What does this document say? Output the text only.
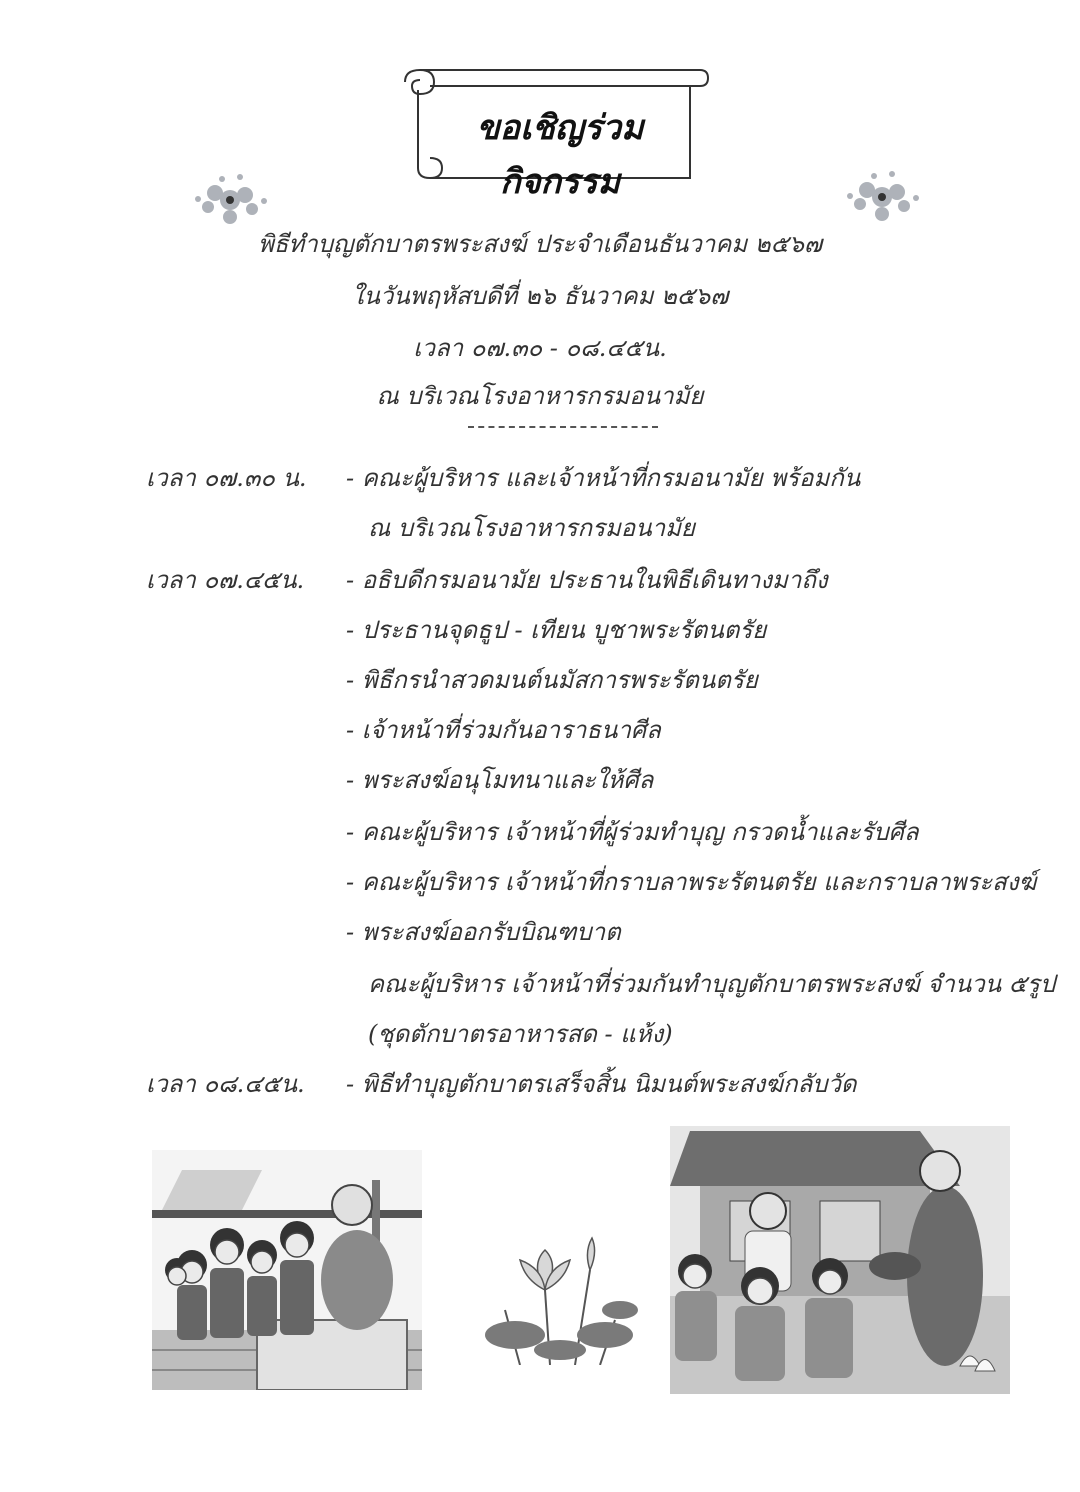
ขอเชิญร่วมกิจกรรม
พิธีทำบุญตักบาตรพระสงฆ์ ประจำเดือนธันวาคม ๒๕๖๗
ในวันพฤหัสบดีที่ ๒๖ ธันวาคม ๒๕๖๗
เวลา ๐๗.๓๐ - ๐๘.๔๕น.
ณ บริเวณโรงอาหารกรมอนามัย
เวลา ๐๗.๓๐ น. - คณะผู้บริหาร และเจ้าหน้าที่กรมอนามัย พร้อมกัน
ณ บริเวณโรงอาหารกรมอนามัย
เวลา ๐๗.๔๕น. - อธิบดีกรมอนามัย ประธานในพิธีเดินทางมาถึง
- ประธานจุดธูป - เทียน บูชาพระรัตนตรัย
- พิธีกรนำสวดมนต์นมัสการพระรัตนตรัย
- เจ้าหน้าที่ร่วมกันอาราธนาศีล
- พระสงฆ์อนุโมทนาและให้ศีล
- คณะผู้บริหาร เจ้าหน้าที่ผู้ร่วมทำบุญ กรวดน้ำและรับศีล
- คณะผู้บริหาร เจ้าหน้าที่กราบลาพระรัตนตรัย และกราบลาพระสงฆ์
- พระสงฆ์ออกรับบิณฑบาต
คณะผู้บริหาร เจ้าหน้าที่ร่วมกันทำบุญตักบาตรพระสงฆ์ จำนวน ๕รูป
(ชุดตักบาตรอาหารสด - แห้ง)
เวลา ๐๘.๔๕น. - พิธีทำบุญตักบาตรเสร็จสิ้น นิมนต์พระสงฆ์กลับวัด
